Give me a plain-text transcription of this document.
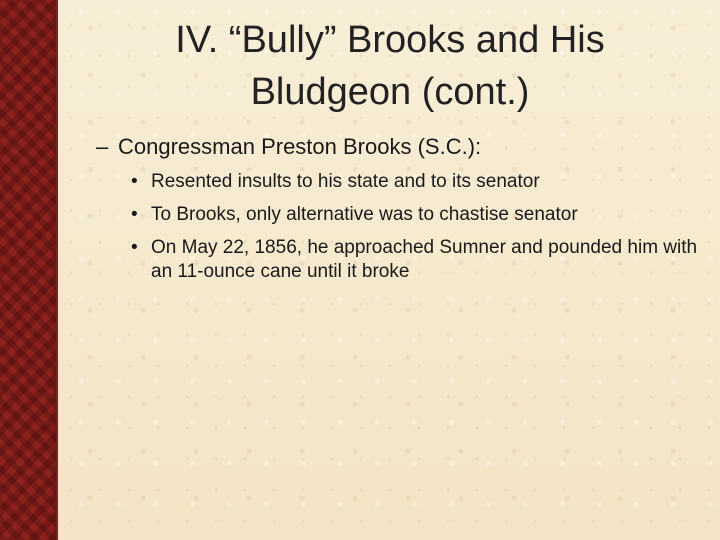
IV. “Bully” Brooks and His
Bludgeon (cont.)
– Congressman Preston Brooks (S.C.):
• Resented insults to his state and to its senator
• To Brooks, only alternative was to chastise senator
• On May 22, 1856, he approached Sumner and pounded him with an 11-ounce cane until it broke
